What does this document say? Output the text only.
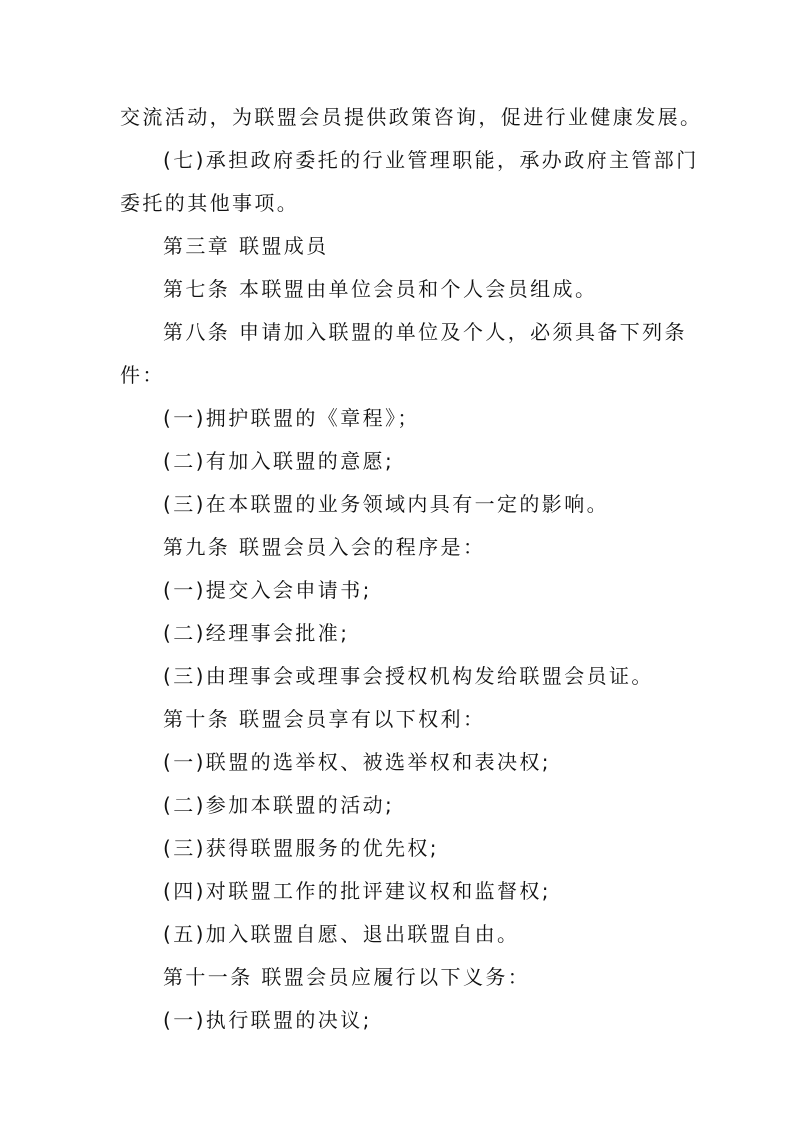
交流活动，为联盟会员提供政策咨询，促进行业健康发展。
(七)承担政府委托的行业管理职能，承办政府主管部门
委托的其他事项。
第三章 联盟成员
第七条 本联盟由单位会员和个人会员组成。
第八条 申请加入联盟的单位及个人，必须具备下列条
件：
(一)拥护联盟的《章程》；
(二)有加入联盟的意愿;
(三)在本联盟的业务领域内具有一定的影响。
第九条 联盟会员入会的程序是：
(一)提交入会申请书;
(二)经理事会批准;
(三)由理事会或理事会授权机构发给联盟会员证。
第十条 联盟会员享有以下权利：
(一)联盟的选举权、被选举权和表决权;
(二)参加本联盟的活动;
(三)获得联盟服务的优先权;
(四)对联盟工作的批评建议权和监督权;
(五)加入联盟自愿、退出联盟自由。
第十一条 联盟会员应履行以下义务：
(一)执行联盟的决议;
